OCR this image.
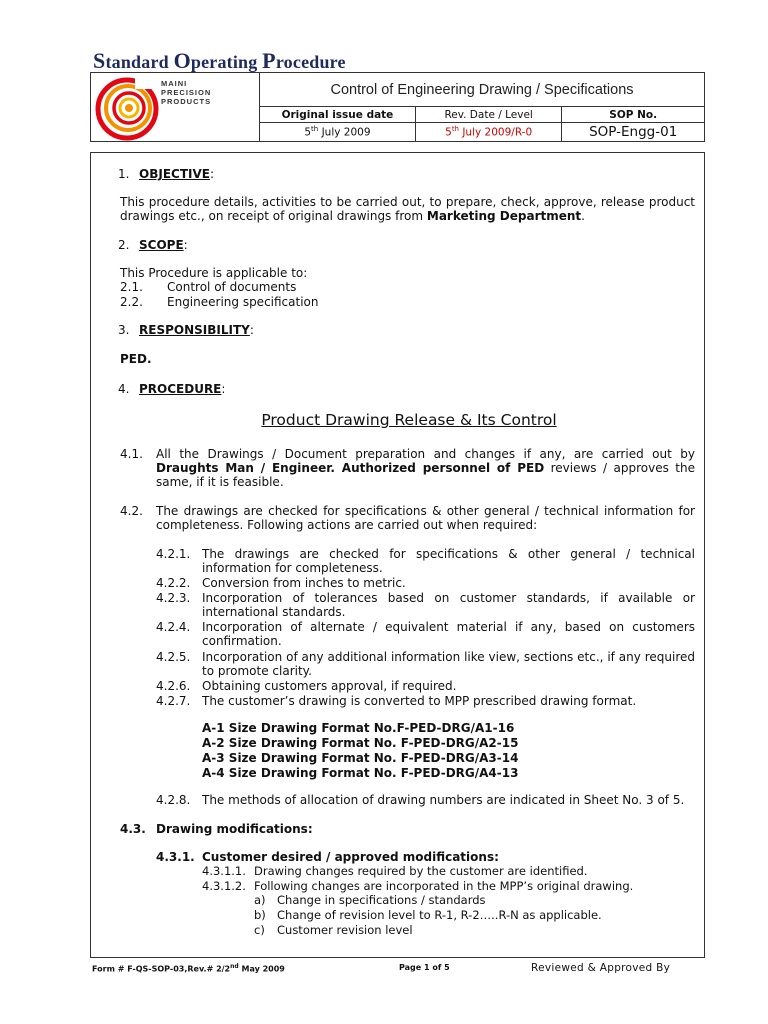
Standard Operating Procedure
MAINI
PRECISION
PRODUCTS
Control of Engineering Drawing / Specifications
Original issue date	Rev. Date / Level	SOP No.
5th July 2009	5th July 2009/R-0	SOP-Engg-01
1. OBJECTIVE:
This procedure details, activities to be carried out, to prepare, check, approve, release product drawings etc., on receipt of original drawings from Marketing Department.
2. SCOPE:
This Procedure is applicable to:
2.1. Control of documents
2.2. Engineering specification
3. RESPONSIBILITY:
PED.
4. PROCEDURE:
Product Drawing Release & Its Control
4.1. All the Drawings / Document preparation and changes if any, are carried out by Draughts Man / Engineer. Authorized personnel of PED reviews / approves the same, if it is feasible.
4.2. The drawings are checked for specifications & other general / technical information for completeness. Following actions are carried out when required:
4.2.1. The drawings are checked for specifications & other general / technical information for completeness.
4.2.2. Conversion from inches to metric.
4.2.3. Incorporation of tolerances based on customer standards, if available or international standards.
4.2.4. Incorporation of alternate / equivalent material if any, based on customers confirmation.
4.2.5. Incorporation of any additional information like view, sections etc., if any required to promote clarity.
4.2.6. Obtaining customers approval, if required.
4.2.7. The customer’s drawing is converted to MPP prescribed drawing format.
A-1 Size Drawing Format No.F-PED-DRG/A1-16
A-2 Size Drawing Format No. F-PED-DRG/A2-15
A-3 Size Drawing Format No. F-PED-DRG/A3-14
A-4 Size Drawing Format No. F-PED-DRG/A4-13
4.2.8. The methods of allocation of drawing numbers are indicated in Sheet No. 3 of 5.
4.3. Drawing modifications:
4.3.1. Customer desired / approved modifications:
4.3.1.1. Drawing changes required by the customer are identified.
4.3.1.2. Following changes are incorporated in the MPP’s original drawing.
a) Change in specifications / standards
b) Change of revision level to R-1, R-2…..R-N as applicable.
c) Customer revision level
Form # F-QS-SOP-03,Rev.# 2/2nd May 2009	Page 1 of 5	Reviewed & Approved By
